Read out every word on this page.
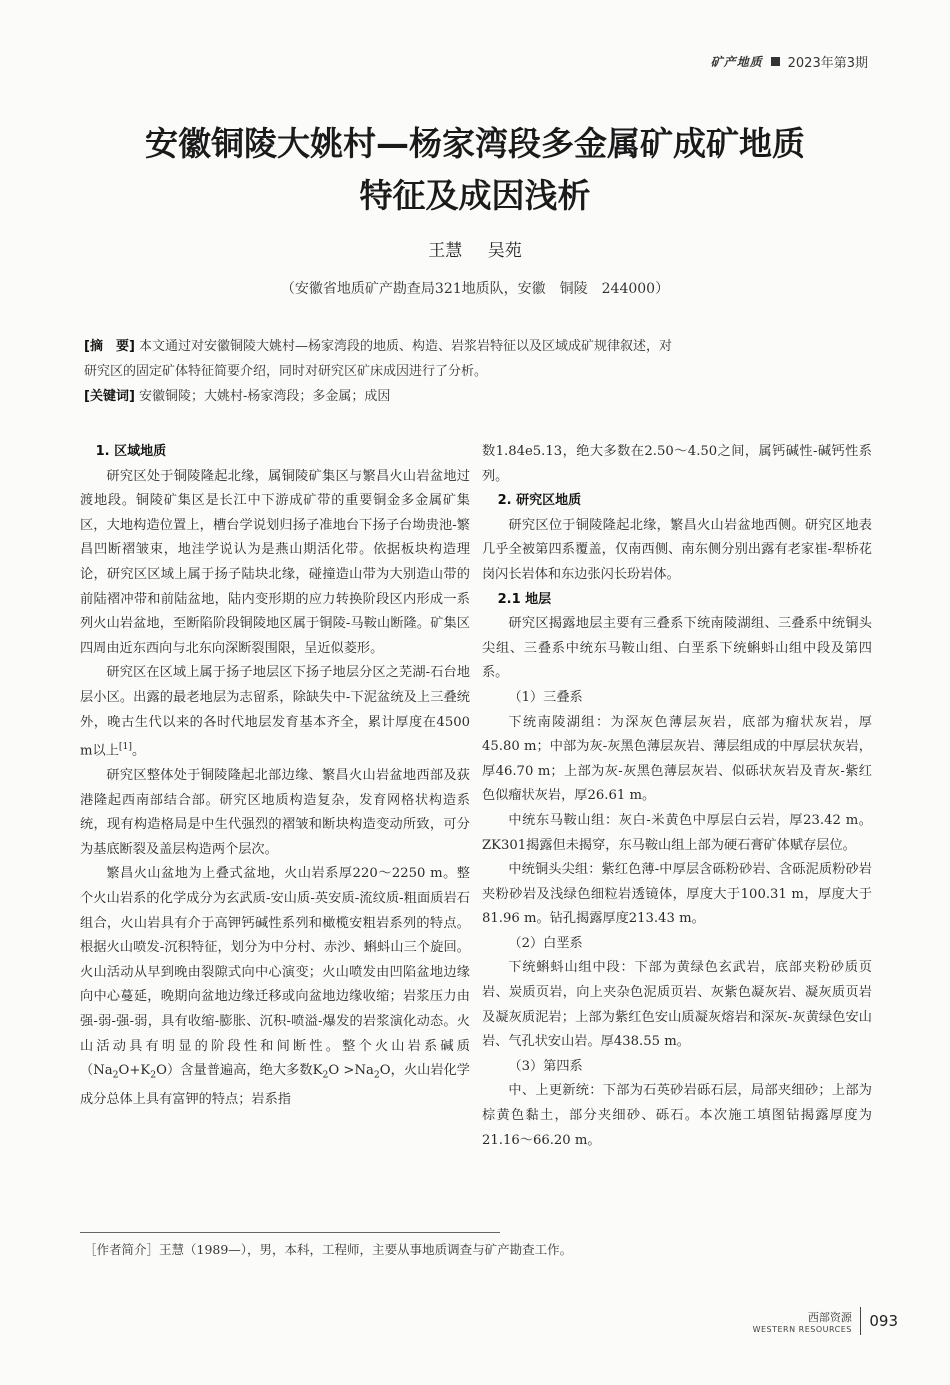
矿产地质 2023年第3期
安徽铜陵大姚村—杨家湾段多金属矿成矿地质
特征及成因浅析
王慧 吴苑
（安徽省地质矿产勘查局321地质队，安徽　铜陵　244000）

[摘　要] 本文通过对安徽铜陵大姚村—杨家湾段的地质、构造、岩浆岩特征以及区域成矿规律叙述，对

研究区的固定矿体特征简要介绍，同时对研究区矿床成因进行了分析。

[关键词] 安徽铜陵；大姚村-杨家湾段；多金属；成因

1. 区域地质

研究区处于铜陵隆起北缘，属铜陵矿集区与繁昌火山岩盆地过渡地段。铜陵矿集区是长江中下游成矿带的重要铜金多金属矿集区，大地构造位置上，槽台学说划归扬子准地台下扬子台坳贵池-繁昌凹断褶皱束，地洼学说认为是燕山期活化带。依据板块构造理论，研究区区域上属于扬子陆块北缘，碰撞造山带为大别造山带的前陆褶冲带和前陆盆地，陆内变形期的应力转换阶段区内形成一系列火山岩盆地，至断陷阶段铜陵地区属于铜陵-马鞍山断隆。矿集区四周由近东西向与北东向深断裂围限，呈近似菱形。

研究区在区域上属于扬子地层区下扬子地层分区之芜湖-石台地层小区。出露的最老地层为志留系，除缺失中-下泥盆统及上三叠统外，晚古生代以来的各时代地层发育基本齐全，累计厚度在4500 m以上[1]。

研究区整体处于铜陵隆起北部边缘、繁昌火山岩盆地西部及荻港隆起西南部结合部。研究区地质构造复杂，发育网格状构造系统，现有构造格局是中生代强烈的褶皱和断块构造变动所致，可分为基底断裂及盖层构造两个层次。

繁昌火山盆地为上叠式盆地，火山岩系厚220～2250 m。整个火山岩系的化学成分为玄武质-安山质-英安质-流纹质-粗面质岩石组合，火山岩具有介于高钾钙碱性系列和橄榄安粗岩系列的特点。根据火山喷发-沉积特征，划分为中分村、赤沙、蝌蚪山三个旋回。火山活动从早到晚由裂隙式向中心演变；火山喷发由凹陷盆地边缘向中心蔓延，晚期向盆地边缘迁移或向盆地边缘收缩；岩浆压力由强-弱-强-弱，具有收缩-膨胀、沉积-喷溢-爆发的岩浆演化动态。火山活动具有明显的阶段性和间断性。整个火山岩系碱质$(Na_2O+K_2O)$含量普遍高，绝大多数$K_2O >Na_2O$，火山岩化学成分总体上具有富钾的特点；岩系指

数1.84e5.13，绝大多数在2.50～4.50之间，属钙碱性-碱钙性系列。

2. 研究区地质

研究区位于铜陵隆起北缘，繁昌火山岩盆地西侧。研究区地表几乎全被第四系覆盖，仅南西侧、南东侧分别出露有老家崔-犁桥花岗闪长岩体和东边张闪长玢岩体。

2.1 地层

研究区揭露地层主要有三叠系下统南陵湖组、三叠系中统铜头尖组、三叠系中统东马鞍山组、白垩系下统蝌蚪山组中段及第四系。

（1）三叠系

下统南陵湖组：为深灰色薄层灰岩，底部为瘤状灰岩，厚45.80 m；中部为灰-灰黑色薄层灰岩、薄层组成的中厚层状灰岩，厚46.70 m；上部为灰-灰黑色薄层灰岩、似砾状灰岩及青灰-紫红色似瘤状灰岩，厚26.61 m。

中统东马鞍山组：灰白-米黄色中厚层白云岩，厚23.42 m。ZK301揭露但未揭穿，东马鞍山组上部为硬石膏矿体赋存层位。

中统铜头尖组：紫红色薄-中厚层含砾粉砂岩、含砾泥质粉砂岩夹粉砂岩及浅绿色细粒岩透镜体，厚度大于100.31 m，厚度大于81.96 m。钻孔揭露厚度213.43 m。

（2）白垩系

下统蝌蚪山组中段：下部为黄绿色玄武岩，底部夹粉砂质页岩、炭质页岩，向上夹杂色泥质页岩、灰紫色凝灰岩、凝灰质页岩及凝灰质泥岩；上部为紫红色安山质凝灰熔岩和深灰-灰黄绿色安山岩、气孔状安山岩。厚438.55 m。

（3）第四系

中、上更新统：下部为石英砂岩砾石层，局部夹细砂；上部为棕黄色黏土，部分夹细砂、砾石。本次施工填图钻揭露厚度为21.16～66.20 m。

［作者简介］王慧（1989—），男，本科，工程师，主要从事地质调查与矿产勘查工作。
西部资源
WESTERN RESOURCES 093
